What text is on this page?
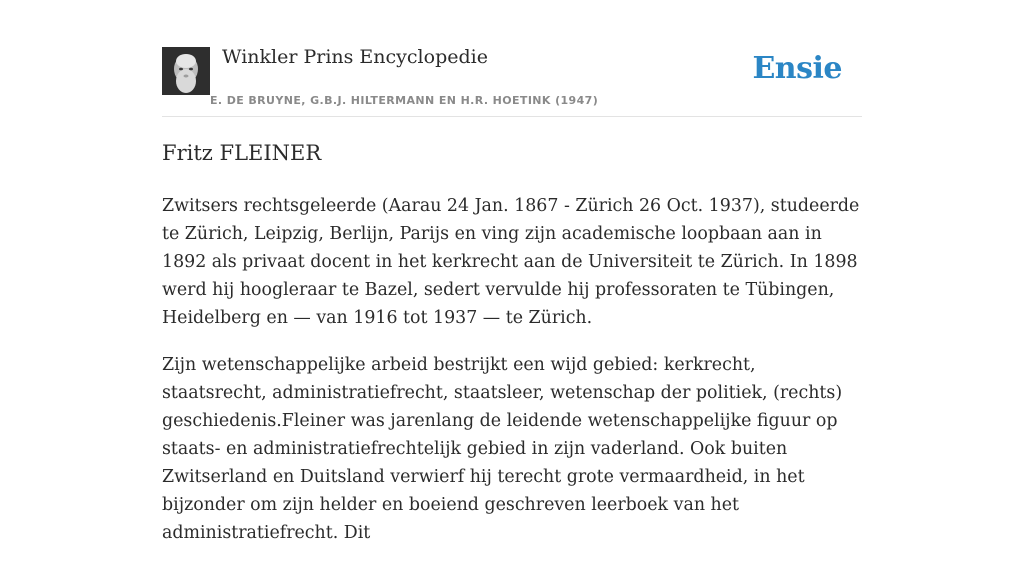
Winkler Prins Encyclopedie
E. DE BRUYNE, G.B.J. HILTERMANN EN H.R. HOETINK (1947)
Ensie
Fritz FLEINER

Zwitsers rechtsgeleerde (Aarau 24 Jan. 1867 - Zürich 26 Oct. 1937), studeerde te Zürich, Leipzig, Berlijn, Parijs en ving zijn academische loopbaan aan in 1892 als privaat docent in het kerkrecht aan de Universiteit te Zürich. In 1898 werd hij hoogleraar te Bazel, sedert vervulde hij professoraten te Tübingen, Heidelberg en — van 1916 tot 1937 — te Zürich.

Zijn wetenschappelijke arbeid bestrijkt een wijd gebied: kerkrecht, staatsrecht, administratiefrecht, staatsleer, wetenschap der politiek, (rechts) geschiedenis.Fleiner was jarenlang de leidende wetenschappelijke figuur op staats- en administratiefrechtelijk gebied in zijn vaderland. Ook buiten Zwitserland en Duitsland verwierf hij terecht grote vermaardheid, in het bijzonder om zijn helder en boeiend geschreven leerboek van het administratiefrecht. Dit
